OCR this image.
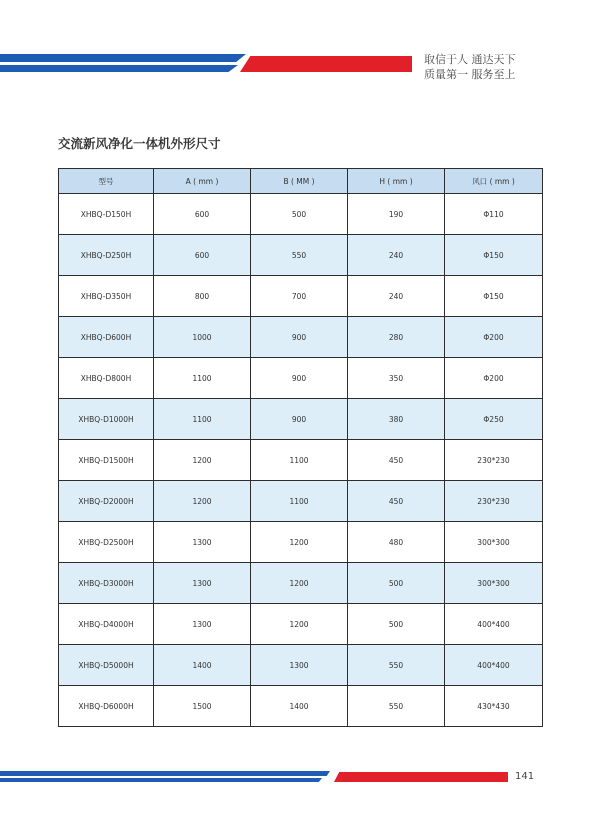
取信于人 通达天下
质量第一 服务至上
交流新风净化一体机外形尺寸
型号	A ( mm )	B ( MM )	H ( mm )	风口 ( mm )
XHBQ-D150H	600	500	190	Φ110
XHBQ-D250H	600	550	240	Φ150
XHBQ-D350H	800	700	240	Φ150
XHBQ-D600H	1000	900	280	Φ200
XHBQ-D800H	1100	900	350	Φ200
XHBQ-D1000H	1100	900	380	Φ250
XHBQ-D1500H	1200	1100	450	230*230
XHBQ-D2000H	1200	1100	450	230*230
XHBQ-D2500H	1300	1200	480	300*300
XHBQ-D3000H	1300	1200	500	300*300
XHBQ-D4000H	1300	1200	500	400*400
XHBQ-D5000H	1400	1300	550	400*400
XHBQ-D6000H	1500	1400	550	430*430
141
